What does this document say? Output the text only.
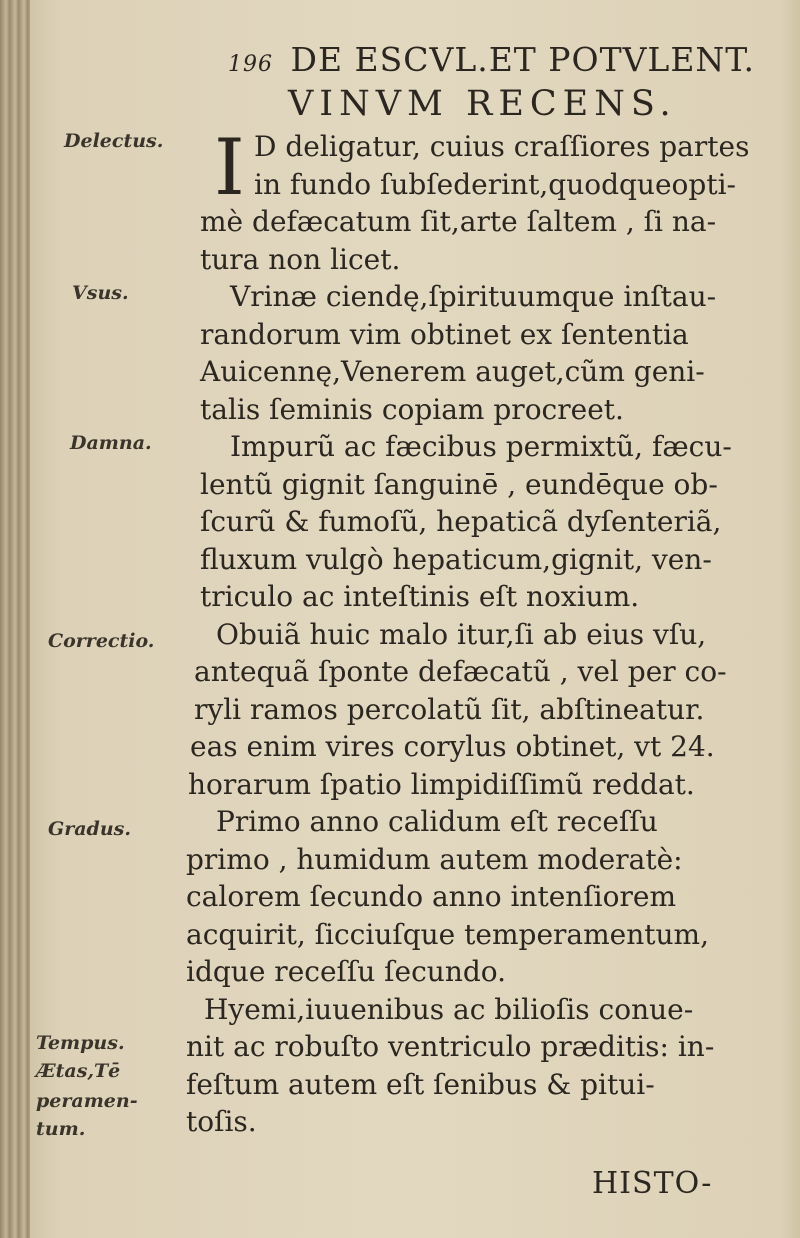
196 DE ESCVL.ET POTVLENT.
VINVM RECENS.
Delectus.
Vsus.
Damna.
Correctio.
Gradus.
Tempus.
Ætas,Tē
peramen-
tum.
I D deligatur, cuius craſſiores partes
in fundo ſubſederint,quodqueopti-
mè defæcatum ſit,arte ſaltem , ſi na-
tura non licet.
Vrinæ ciendę,ſpirituumque inſtau-
randorum vim obtinet ex ſententia
Auicennę,Venerem auget,cũm geni-
talis ſeminis copiam procreet.
Impurũ ac fæcibus permixtũ, fæcu-
lentũ gignit ſanguinē , eundēque ob-
ſcurũ & fumoſũ, hepaticã dyſenteriã,
fluxum vulgò hepaticum,gignit, ven-
triculo ac inteſtinis eſt noxium.
Obuiã huic malo itur,ſi ab eius vſu,
antequã ſponte defæcatũ , vel per co-
ryli ramos percolatũ ſit, abſtineatur.
eas enim vires corylus obtinet, vt 24.
horarum ſpatio limpidiſſimũ reddat.
Primo anno calidum eſt receſſu
primo , humidum autem moderatè:
calorem ſecundo anno intenſiorem
acquirit, ſicciuſque temperamentum,
idque receſſu ſecundo.
Hyemi,iuuenibus ac bilioſis conue-
nit ac robuſto ventriculo præditis: in-
feſtum autem eſt ſenibus & pitui-
toſis.
HISTO-
